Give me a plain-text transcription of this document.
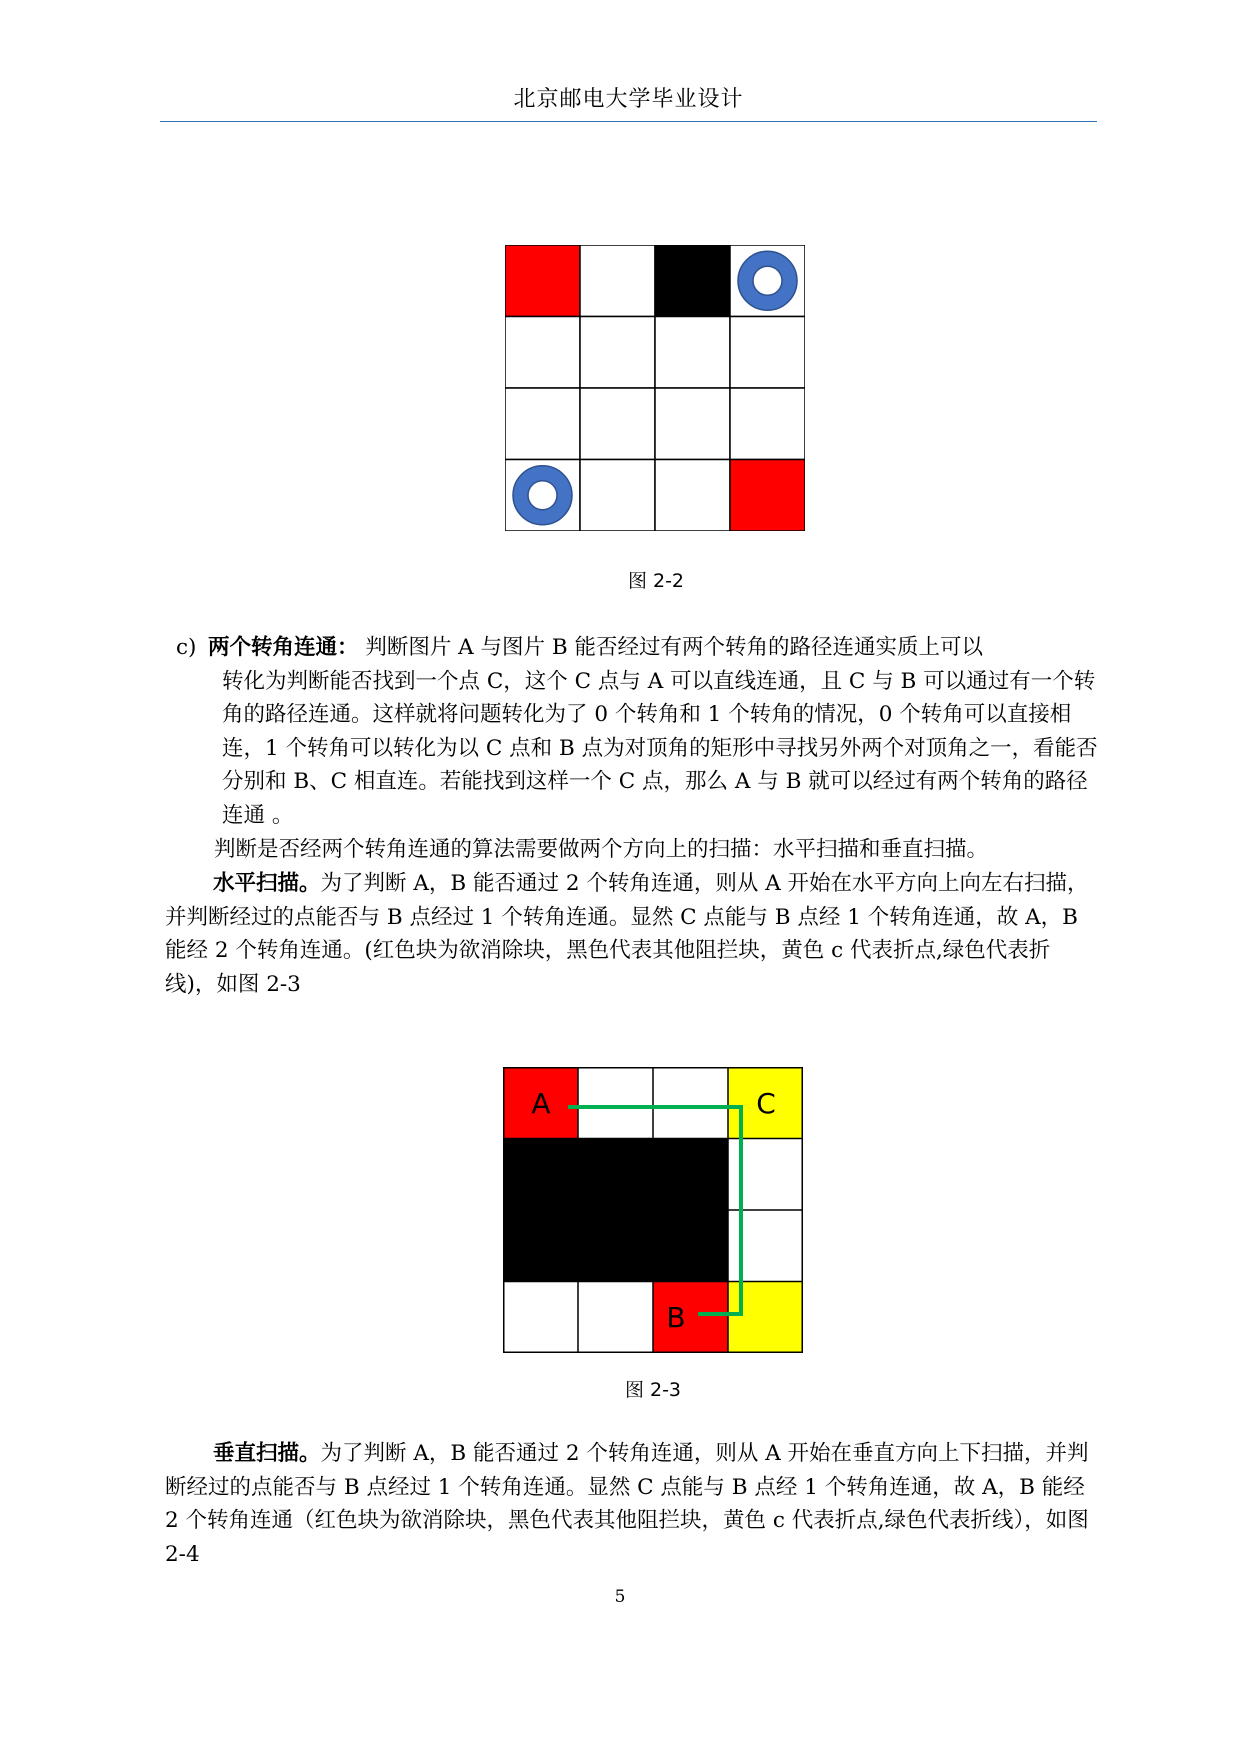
北京邮电大学毕业设计
图 2-2
c) 两个转角连通： 判断图片 A 与图片 B 能否经过有两个转角的路径连通实质上可以
转化为判断能否找到一个点 C，这个 C 点与 A 可以直线连通，且 C 与 B 可以通过有一个转角的路径连通。这样就将问题转化为了 0 个转角和 1 个转角的情况，0 个转角可以直接相连，1 个转角可以转化为以 C 点和 B 点为对顶角的矩形中寻找另外两个对顶角之一，看能否分别和 B、C 相直连。若能找到这样一个 C 点，那么 A 与 B 就可以经过有两个转角的路径连通 。

判断是否经两个转角连通的算法需要做两个方向上的扫描：水平扫描和垂直扫描。

水平扫描。为了判断 A，B 能否通过 2 个转角连通，则从 A 开始在水平方向上向左右扫描，并判断经过的点能否与 B 点经过 1 个转角连通。显然 C 点能与 B 点经 1 个转角连通，故 A，B 能经 2 个转角连通。(红色块为欲消除块，黑色代表其他阻拦块，黄色 c 代表折点,绿色代表折线)，如图 2-3

A	C
B
图 2-3

垂直扫描。为了判断 A，B 能否通过 2 个转角连通，则从 A 开始在垂直方向上下扫描，并判断经过的点能否与 B 点经过 1 个转角连通。显然 C 点能与 B 点经 1 个转角连通，故 A，B 能经 2 个转角连通（红色块为欲消除块，黑色代表其他阻拦块，黄色 c 代表折点,绿色代表折线），如图 2-4

5
